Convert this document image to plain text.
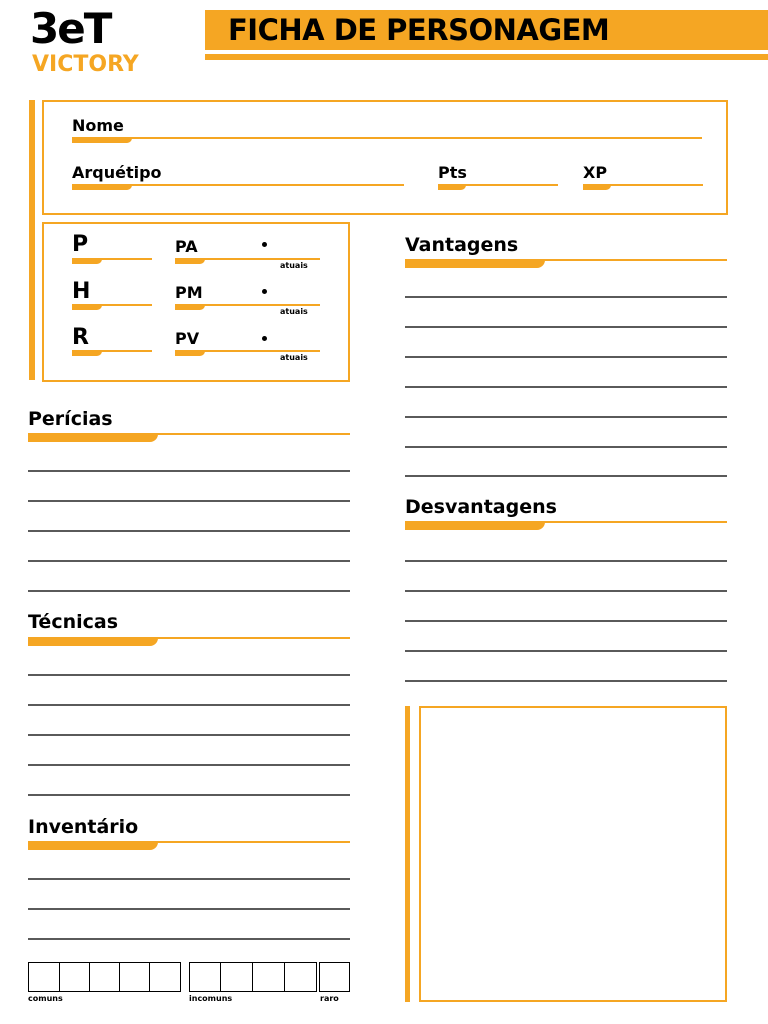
3eT
VICTORY
FICHA DE PERSONAGEM
Nome
Arquétipo	Pts	XP
P	PA
atuais
H	PM
atuais
R	PV
atuais
Vantagens
Desvantagens
Perícias
Técnicas
Inventário
comuns	incomuns	raro
